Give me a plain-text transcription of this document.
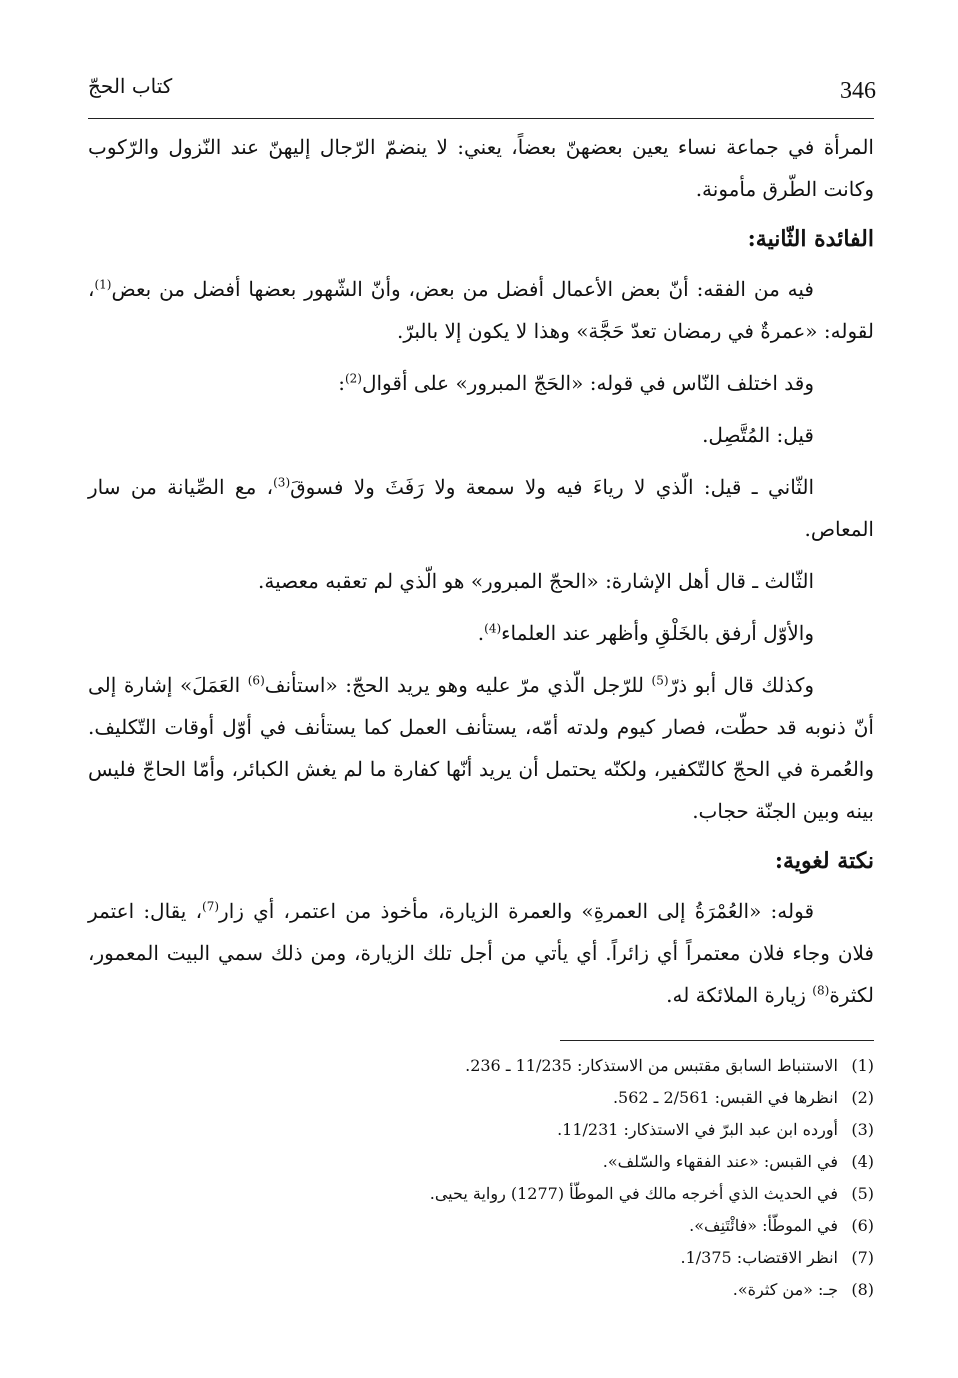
346
كتاب الحجّ

المرأة في جماعة نساء يعين بعضهنّ بعضاً، يعني: لا ينضمّ الرّجال إليهنّ عند النّزول والرّكوب وكانت الطّرق مأمونة.

الفائدة الثّانية:

فيه من الفقه: أنّ بعض الأعمال أفضل من بعض، وأنّ الشّهور بعضها أفضل من بعض$^{(1)}$، لقوله: «عمرةٌ في رمضان تعدّ حَجَّة» وهذا لا يكون إلا بالبرّ.

وقد اختلف النّاس في قوله: «الحَجّ المبرور» على أقوال$^{(2)}$:

قيل: المُتَّصِل.

الثّاني ـ قيل: الّذي لا رياءَ فيه ولا سمعة ولا رَفَثَ ولا فسوقَ$^{(3)}$، مع الصِّيانة من سار المعاص.

الثّالث ـ قال أهل الإشارة: «الحجّ المبرور» هو الّذي لم تعقبه معصية.

والأوّل أرفق بالخَلْقِ وأظهر عند العلماء$^{(4)}$.

وكذلك قال أبو ذرّ$^{(5)}$ للرّجل الّذي مرّ عليه وهو يريد الحجّ: «استأنف$^{(6)}$ العَمَلَ» إشارة إلى أنّ ذنوبه قد حطّت، فصار كيوم ولدته أمّه، يستأنف العمل كما يستأنف في أوّل أوقات التّكليف. والعُمرة في الحجّ كالتّكفير، ولكنّه يحتمل أن يريد أنّها كفارة ما لم يغش الكبائر، وأمّا الحاجّ فليس بينه وبين الجنّة حجاب.

نكتة لغوية:

قوله: «العُمْرَةُ إلى العمرةِ» والعمرة الزيارة، مأخوذ من اعتمر، أي زار$^{(7)}$، يقال: اعتمر فلان وجاء فلان معتمراً أي زائراً. أي يأتي من أجل تلك الزيارة، ومن ذلك سمي البيت المعمور، لكثرة$^{(8)}$ زيارة الملائكة له.

(1)
الاستنباط السابق مقتبس من الاستذكار: 11/235 ـ 236.
(2)
انظرها في القبس: 2/561 ـ 562.
(3)
أورده ابن عبد البرّ في الاستذكار: 11/231.
(4)
في القبس: «عند الفقهاء والسّلف».
(5)
في الحديث الذي أخرجه مالك في الموطّأ (1277) رواية يحيى.
(6)
في الموطّأ: «فائْتَنِف».
(7)
انظر الاقتضاب: 1/375.
(8)
جـ: «من كثرة».
